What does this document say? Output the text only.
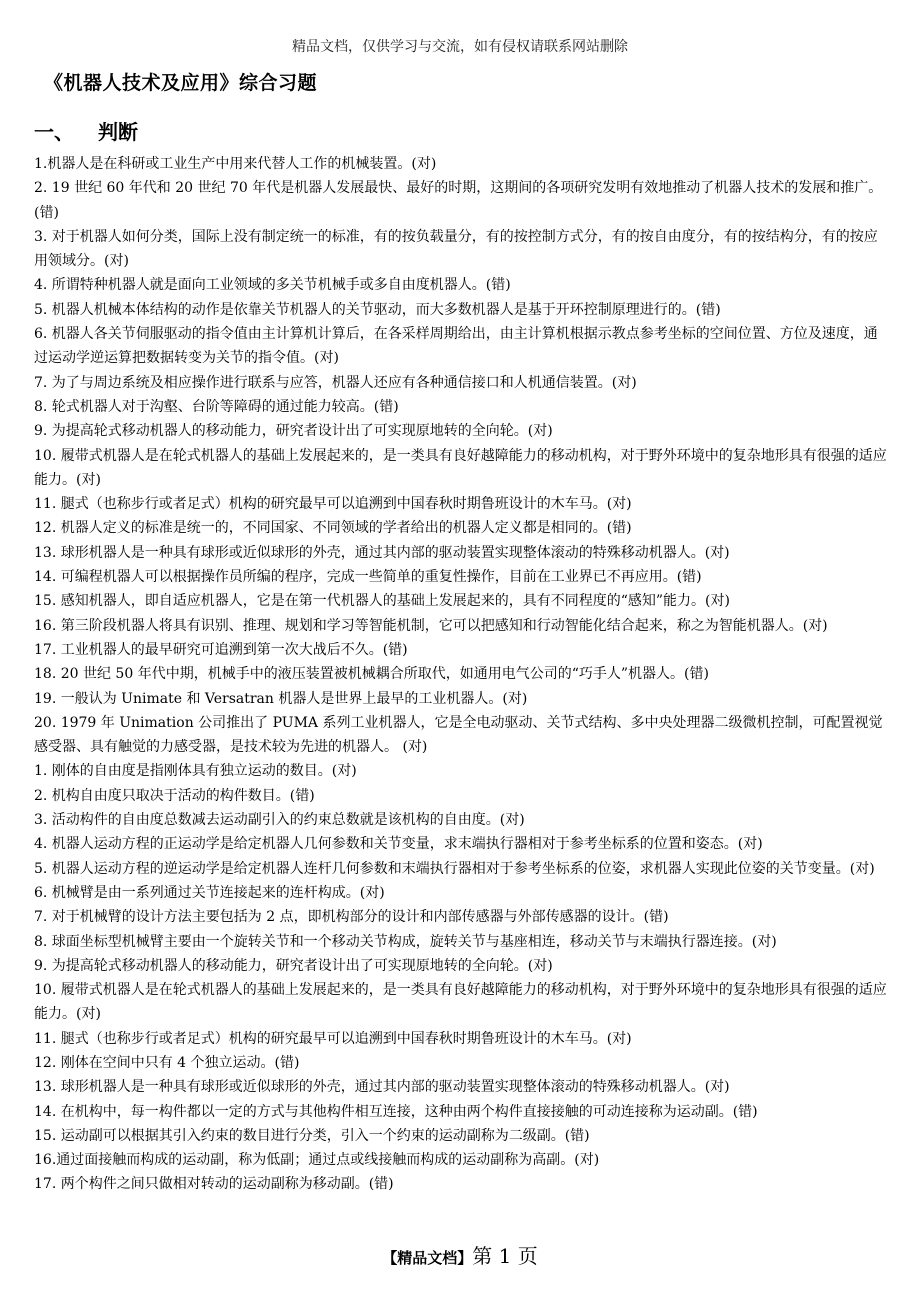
精品文档，仅供学习与交流，如有侵权请联系网站删除
《机器人技术及应用》综合习题
一、 判断

1.机器人是在科研或工业生产中用来代替人工作的机械装置。(对)

2. 19 世纪 60 年代和 20 世纪 70 年代是机器人发展最快、最好的时期，这期间的各项研究发明有效地推动了机器人技术的发展和推广。(错)

3. 对于机器人如何分类，国际上没有制定统一的标准，有的按负载量分，有的按控制方式分，有的按自由度分，有的按结构分，有的按应用领域分。(对)

4. 所谓特种机器人就是面向工业领域的多关节机械手或多自由度机器人。(错)

5. 机器人机械本体结构的动作是依靠关节机器人的关节驱动，而大多数机器人是基于开环控制原理进行的。(错)

6. 机器人各关节伺服驱动的指令值由主计算机计算后，在各采样周期给出，由主计算机根据示教点参考坐标的空间位置、方位及速度，通过运动学逆运算把数据转变为关节的指令值。(对)

7. 为了与周边系统及相应操作进行联系与应答，机器人还应有各种通信接口和人机通信装置。(对)

8. 轮式机器人对于沟壑、台阶等障碍的通过能力较高。(错)

9. 为提高轮式移动机器人的移动能力，研究者设计出了可实现原地转的全向轮。(对)

10. 履带式机器人是在轮式机器人的基础上发展起来的，是一类具有良好越障能力的移动机构，对于野外环境中的复杂地形具有很强的适应能力。(对)

11. 腿式（也称步行或者足式）机构的研究最早可以追溯到中国春秋时期鲁班设计的木车马。(对)

12. 机器人定义的标准是统一的，不同国家、不同领域的学者给出的机器人定义都是相同的。(错)

13. 球形机器人是一种具有球形或近似球形的外壳，通过其内部的驱动装置实现整体滚动的特殊移动机器人。(对)

14. 可编程机器人可以根据操作员所编的程序，完成一些简单的重复性操作，目前在工业界已不再应用。(错)

15. 感知机器人，即自适应机器人，它是在第一代机器人的基础上发展起来的，具有不同程度的“感知”能力。(对)

16. 第三阶段机器人将具有识别、推理、规划和学习等智能机制，它可以把感知和行动智能化结合起来，称之为智能机器人。(对)

17. 工业机器人的最早研究可追溯到第一次大战后不久。(错)

18. 20 世纪 50 年代中期，机械手中的液压装置被机械耦合所取代，如通用电气公司的“巧手人”机器人。(错)

19. 一般认为 Unimate 和 Versatran 机器人是世界上最早的工业机器人。(对)

20. 1979 年 Unimation 公司推出了 PUMA 系列工业机器人，它是全电动驱动、关节式结构、多中央处理器二级微机控制，可配置视觉感受器、具有触觉的力感受器，是技术较为先进的机器人。 (对)

1. 刚体的自由度是指刚体具有独立运动的数目。(对)

2. 机构自由度只取决于活动的构件数目。(错)

3. 活动构件的自由度总数减去运动副引入的约束总数就是该机构的自由度。(对)

4. 机器人运动方程的正运动学是给定机器人几何参数和关节变量，求末端执行器相对于参考坐标系的位置和姿态。(对)

5. 机器人运动方程的逆运动学是给定机器人连杆几何参数和末端执行器相对于参考坐标系的位姿，求机器人实现此位姿的关节变量。(对)

6. 机械臂是由一系列通过关节连接起来的连杆构成。(对)

7. 对于机械臂的设计方法主要包括为 2 点，即机构部分的设计和内部传感器与外部传感器的设计。(错)

8. 球面坐标型机械臂主要由一个旋转关节和一个移动关节构成，旋转关节与基座相连，移动关节与末端执行器连接。(对)

9. 为提高轮式移动机器人的移动能力，研究者设计出了可实现原地转的全向轮。(对)

10. 履带式机器人是在轮式机器人的基础上发展起来的，是一类具有良好越障能力的移动机构，对于野外环境中的复杂地形具有很强的适应能力。(对)

11. 腿式（也称步行或者足式）机构的研究最早可以追溯到中国春秋时期鲁班设计的木车马。(对)

12. 刚体在空间中只有 4 个独立运动。(错)

13. 球形机器人是一种具有球形或近似球形的外壳，通过其内部的驱动装置实现整体滚动的特殊移动机器人。(对)

14. 在机构中，每一构件都以一定的方式与其他构件相互连接，这种由两个构件直接接触的可动连接称为运动副。(错)

15. 运动副可以根据其引入约束的数目进行分类，引入一个约束的运动副称为二级副。(错)

16.通过面接触而构成的运动副，称为低副；通过点或线接触而构成的运动副称为高副。(对)

17. 两个构件之间只做相对转动的运动副称为移动副。(错)

【精品文档】第 1 页
